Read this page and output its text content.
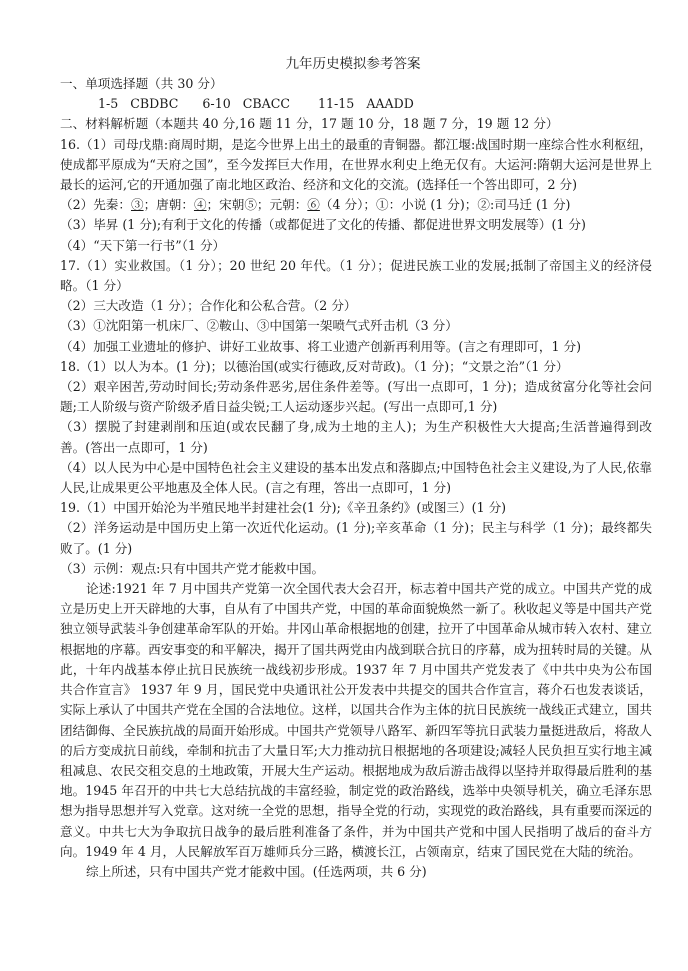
九年历史模拟参考答案
一、单项选择题（共 30 分）
1-5   CBDBC      6-10   CBACC       11-15   AAADD
二、材料解析题（本题共 40 分,16 题 11 分，17 题 10 分，18 题 7 分，19 题 12 分）
16.（1）司母戊鼎:商周时期，是迄今世界上出土的最重的青铜器。都江堰:战国时期一座综合性水利枢纽，使成都平原成为“天府之国”，至今发挥巨大作用，在世界水利史上绝无仅有。大运河:隋朝大运河是世界上最长的运河,它的开通加强了南北地区政治、经济和文化的交流。(选择任一个答出即可，2 分)
（2）先秦：③；唐朝：④；宋朝⑤；元朝：⑥（4 分）；①：小说 (1 分)；②:司马迁 (1 分)
（3）毕昇 (1 分);有利于文化的传播（或都促进了文化的传播、都促进世界文明发展等）(1 分)
（4）“天下第一行书”（1 分）
17.（1）实业救国。（1 分）；20 世纪 20 年代。（1 分）；促进民族工业的发展;抵制了帝国主义的经济侵略。（1 分）
（2）三大改造（1 分）；合作化和公私合营。（2 分）
（3）①沈阳第一机床厂、②鞍山、③中国第一架喷气式歼击机（3 分）
（4）加强工业遗址的修护、讲好工业故事、将工业遗产创新再利用等。(言之有理即可，1 分)
18.（1）以人为本。(1 分)；以德治国(或实行德政,反对苛政)。（1 分)；“文景之治”（1 分）
（2）艰辛困苦,劳动时间长;劳动条件恶劣,居住条件差等。(写出一点即可，1 分)；造成贫富分化等社会问题;工人阶级与资产阶级矛盾日益尖锐;工人运动逐步兴起。(写出一点即可,1 分)
（3）摆脱了封建剥削和压迫(或农民翻了身,成为土地的主人)；为生产积极性大大提高;生活普遍得到改善。(答出一点即可，1 分)
（4）以人民为中心是中国特色社会主义建设的基本出发点和落脚点;中国特色社会主义建设,为了人民,依靠人民,让成果更公平地惠及全体人民。(言之有理，答出一点即可，1 分)
19.（1）中国开始沦为半殖民地半封建社会(1 分);《辛丑条约》(或图三）(1 分)
（2）洋务运动是中国历史上第一次近代化运动。(1 分);辛亥革命（1 分)；民主与科学（1 分)；最终都失败了。(1 分)
（3）示例：观点:只有中国共产党才能救中国。
论述:1921 年 7 月中国共产党第一次全国代表大会召开，标志着中国共产党的成立。中国共产党的成立是历史上开天辟地的大事，自从有了中国共产党，中国的革命面貌焕然一新了。秋收起义等是中国共产党独立领导武装斗争创建革命军队的开始。井冈山革命根据地的创建，拉开了中国革命从城市转入农村、建立根据地的序幕。西安事变的和平解决，揭开了国共两党由内战到联合抗日的序幕，成为扭转时局的关键。从此，十年内战基本停止抗日民族统一战线初步形成。1937 年 7 月中国共产党发表了《中共中央为公布国共合作宣言》 1937 年 9 月，国民党中央通讯社公开发表中共提交的国共合作宣言，蒋介石也发表谈话，实际上承认了中国共产党在全国的合法地位。这样，以国共合作为主体的抗日民族统一战线正式建立，国共团结御侮、全民族抗战的局面开始形成。中国共产党领导八路军、新四军等抗日武装力量挺进敌后，将敌人的后方变成抗日前线，牵制和抗击了大量日军;大力推动抗日根据地的各项建设;减轻人民负担互实行地主减租减息、农民交租交息的土地政策，开展大生产运动。根据地成为敌后游击战得以坚持并取得最后胜利的基地。1945 年召开的中共七大总结抗战的丰富经验，制定党的政治路线，选举中央领导机关，确立毛泽东思想为指导思想并写入党章。这对统一全党的思想，指导全党的行动，实现党的政治路线，具有重要而深远的意义。中共七大为争取抗日战争的最后胜利准备了条件，并为中国共产党和中国人民指明了战后的奋斗方向。1949 年 4 月，人民解放军百万雄师兵分三路，横渡长江，占领南京，结束了国民党在大陆的统治。
综上所述，只有中国共产党才能救中国。(任选两项，共 6 分)
